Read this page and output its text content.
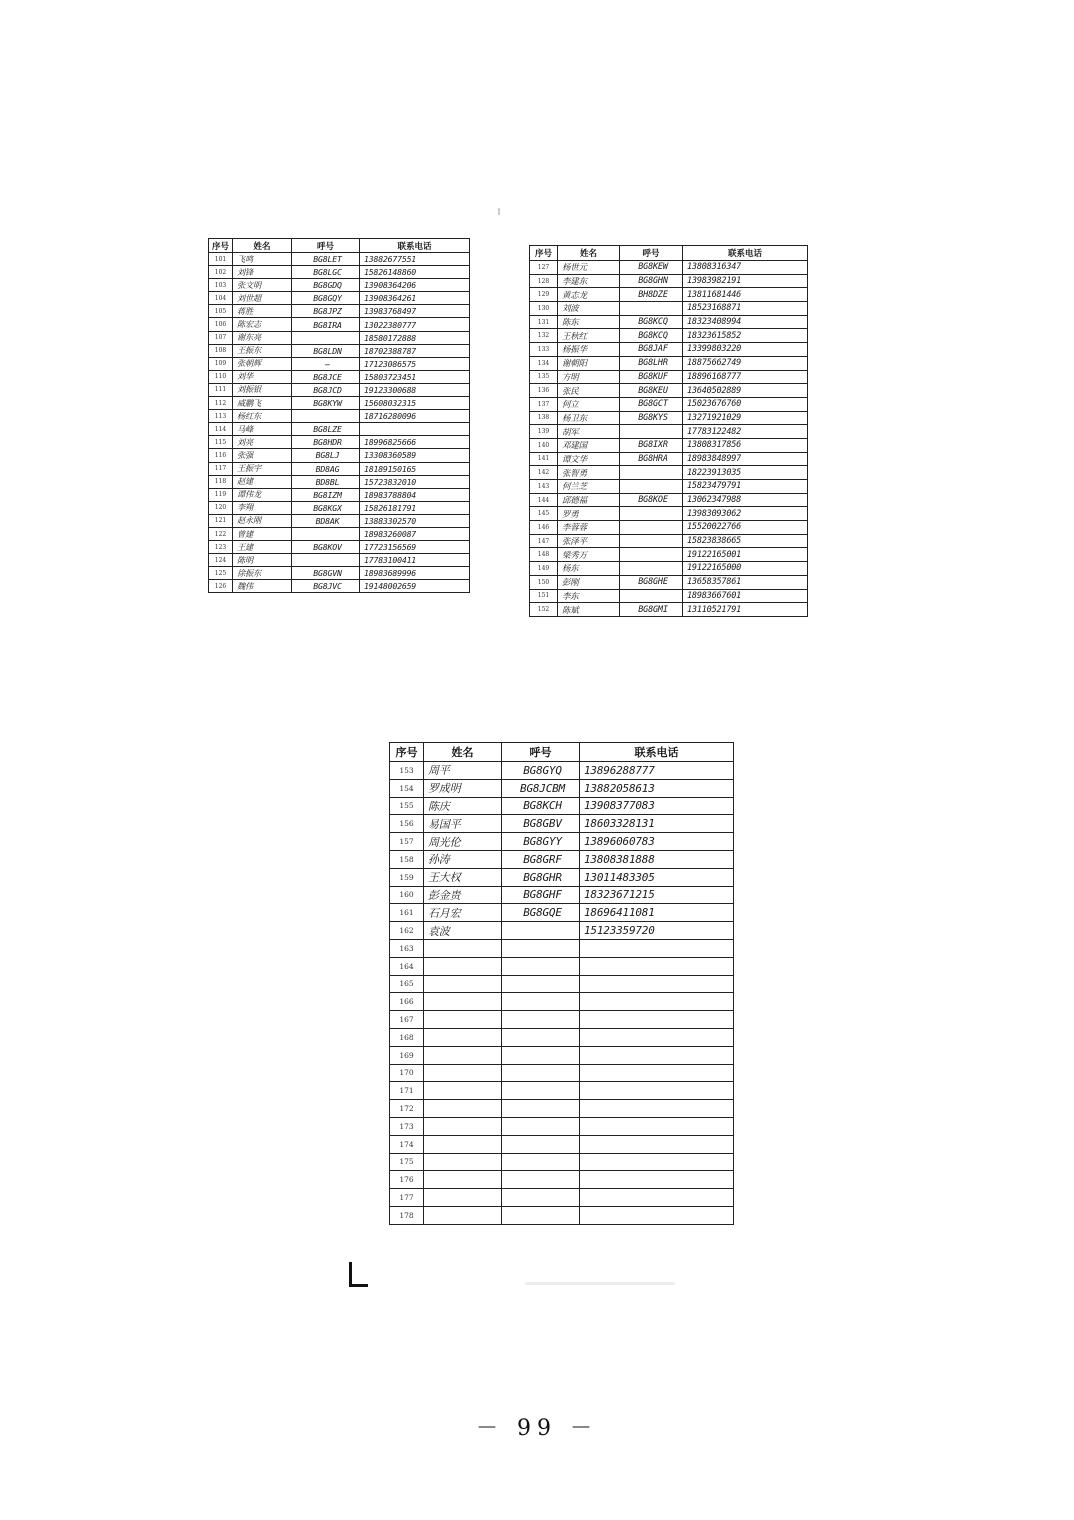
序号	姓名	呼号	联系电话
101	飞鸣	BG8LET	13882677551
102	刘锋	BG8LGC	15826148860
103	张文明	BG8GDQ	13908364206
104	刘世超	BG8GQY	13908364261
105	蒋胜	BG8JPZ	13983768497
106	陈宏志	BG8IRA	13022380777
107	谢东亮		18580172888
108	王振东	BG8LDN	18702388787
109	张朝辉	—	17123086575
110	刘华	BG8JCE	15803723451
111	刘振银	BG8JCD	19123300688
112	威鹏飞	BG8KYW	15608032315
113	杨红东		18716280096
114	马峰	BG8LZE	
115	刘亮	BG8HDR	18996825666
116	张强	BG8LJ	13308360589
117	王振宇	BD8AG	18189150165
118	赵建	BD8BL	15723832010
119	谭伟龙	BG8IZM	18983788804
120	李翔	BG8KGX	15826181791
121	赵永刚	BD8AK	13883302570
122	曾建		18983260087
123	王建	BG8KOV	17723156569
124	陈明		17783100411
125	徐振东	BG8GVN	18983689996
126	魏伟	BG8JVC	19148002659
序号	姓名	呼号	联系电话
127	杨世元	BG8KEW	13808316347
128	李建东	BG8GHN	13983982191
129	黄志龙	BH8DZE	13811681446
130	刘波		18523168871
131	陈东	BG8KCQ	18323408994
132	王秋红	BG8KCQ	18323615852
133	杨振华	BG8JAF	13399803220
134	谢朝阳	BG8LHR	18875662749
135	方明	BG8KUF	18896168777
136	张民	BG8KEU	13640502889
137	何立	BG8GCT	15023676760
138	杨卫东	BG8KYS	13271921029
139	胡军		17783122482
140	邓建国	BG8IXR	13808317856
141	谭文华	BG8HRA	18983848997
142	张智勇		18223913035
143	何兰芝		15823479791
144	邱德福	BG8KOE	13062347988
145	罗勇		13983093062
146	李蓉蓉		15520022766
147	张泽平		15823838665
148	梁秀万		19122165001
149	杨东		19122165000
150	彭刚	BG8GHE	13658357861
151	李东		18983667601
152	陈斌	BG8GMI	13110521791
序号	姓名	呼号	联系电话
153	周平	BG8GYQ	13896288777
154	罗成明	BG8JCBM	13882058613
155	陈庆	BG8KCH	13908377083
156	易国平	BG8GBV	18603328131
157	周光伦	BG8GYY	13896060783
158	孙涛	BG8GRF	13808381888
159	王大权	BG8GHR	13011483305
160	彭金贵	BG8GHF	18323671215
161	石月宏	BG8GQE	18696411081
162	袁波		15123359720
163			
164			
165			
166			
167			
168			
169			
170			
171			
172			
173			
174			
175			
176			
177			
178			
－ 99 －
